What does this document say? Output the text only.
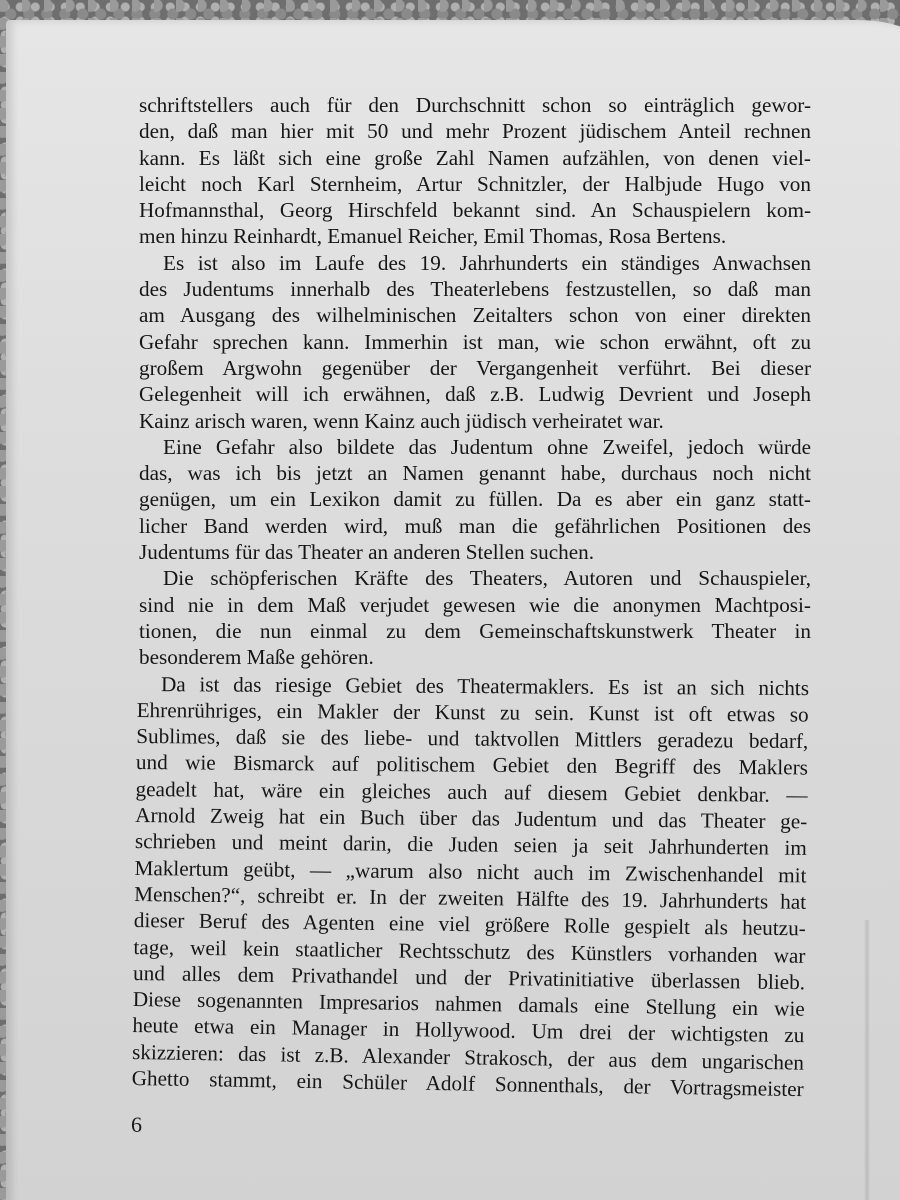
schriftstellers auch für den Durchschnitt schon so einträglich gewor-
den, daß man hier mit 50 und mehr Prozent jüdischem Anteil rechnen
kann. Es läßt sich eine große Zahl Namen aufzählen, von denen viel-
leicht noch Karl Sternheim, Artur Schnitzler, der Halbjude Hugo von
Hofmannsthal, Georg Hirschfeld bekannt sind. An Schauspielern kom-
men hinzu Reinhardt, Emanuel Reicher, Emil Thomas, Rosa Bertens.
Es ist also im Laufe des 19. Jahrhunderts ein ständiges Anwachsen
des Judentums innerhalb des Theaterlebens festzustellen, so daß man
am Ausgang des wilhelminischen Zeitalters schon von einer direkten
Gefahr sprechen kann. Immerhin ist man, wie schon erwähnt, oft zu
großem Argwohn gegenüber der Vergangenheit verführt. Bei dieser
Gelegenheit will ich erwähnen, daß z.B. Ludwig Devrient und Joseph
Kainz arisch waren, wenn Kainz auch jüdisch verheiratet war.
Eine Gefahr also bildete das Judentum ohne Zweifel, jedoch würde
das, was ich bis jetzt an Namen genannt habe, durchaus noch nicht
genügen, um ein Lexikon damit zu füllen. Da es aber ein ganz statt-
licher Band werden wird, muß man die gefährlichen Positionen des
Judentums für das Theater an anderen Stellen suchen.
Die schöpferischen Kräfte des Theaters, Autoren und Schauspieler,
sind nie in dem Maß verjudet gewesen wie die anonymen Machtposi-
tionen, die nun einmal zu dem Gemeinschaftskunstwerk Theater in
besonderem Maße gehören.
Da ist das riesige Gebiet des Theatermaklers. Es ist an sich nichts
Ehrenrühriges, ein Makler der Kunst zu sein. Kunst ist oft etwas so
Sublimes, daß sie des liebe- und taktvollen Mittlers geradezu bedarf,
und wie Bismarck auf politischem Gebiet den Begriff des Maklers
geadelt hat, wäre ein gleiches auch auf diesem Gebiet denkbar. —
Arnold Zweig hat ein Buch über das Judentum und das Theater ge-
schrieben und meint darin, die Juden seien ja seit Jahrhunderten im
Maklertum geübt, — „warum also nicht auch im Zwischenhandel mit
Menschen?“, schreibt er. In der zweiten Hälfte des 19. Jahrhunderts hat
dieser Beruf des Agenten eine viel größere Rolle gespielt als heutzu-
tage, weil kein staatlicher Rechtsschutz des Künstlers vorhanden war
und alles dem Privathandel und der Privatinitiative überlassen blieb.
Diese sogenannten Impresarios nahmen damals eine Stellung ein wie
heute etwa ein Manager in Hollywood. Um drei der wichtigsten zu
skizzieren: das ist z.B. Alexander Strakosch, der aus dem ungarischen
Ghetto stammt, ein Schüler Adolf Sonnenthals, der Vortragsmeister
6
